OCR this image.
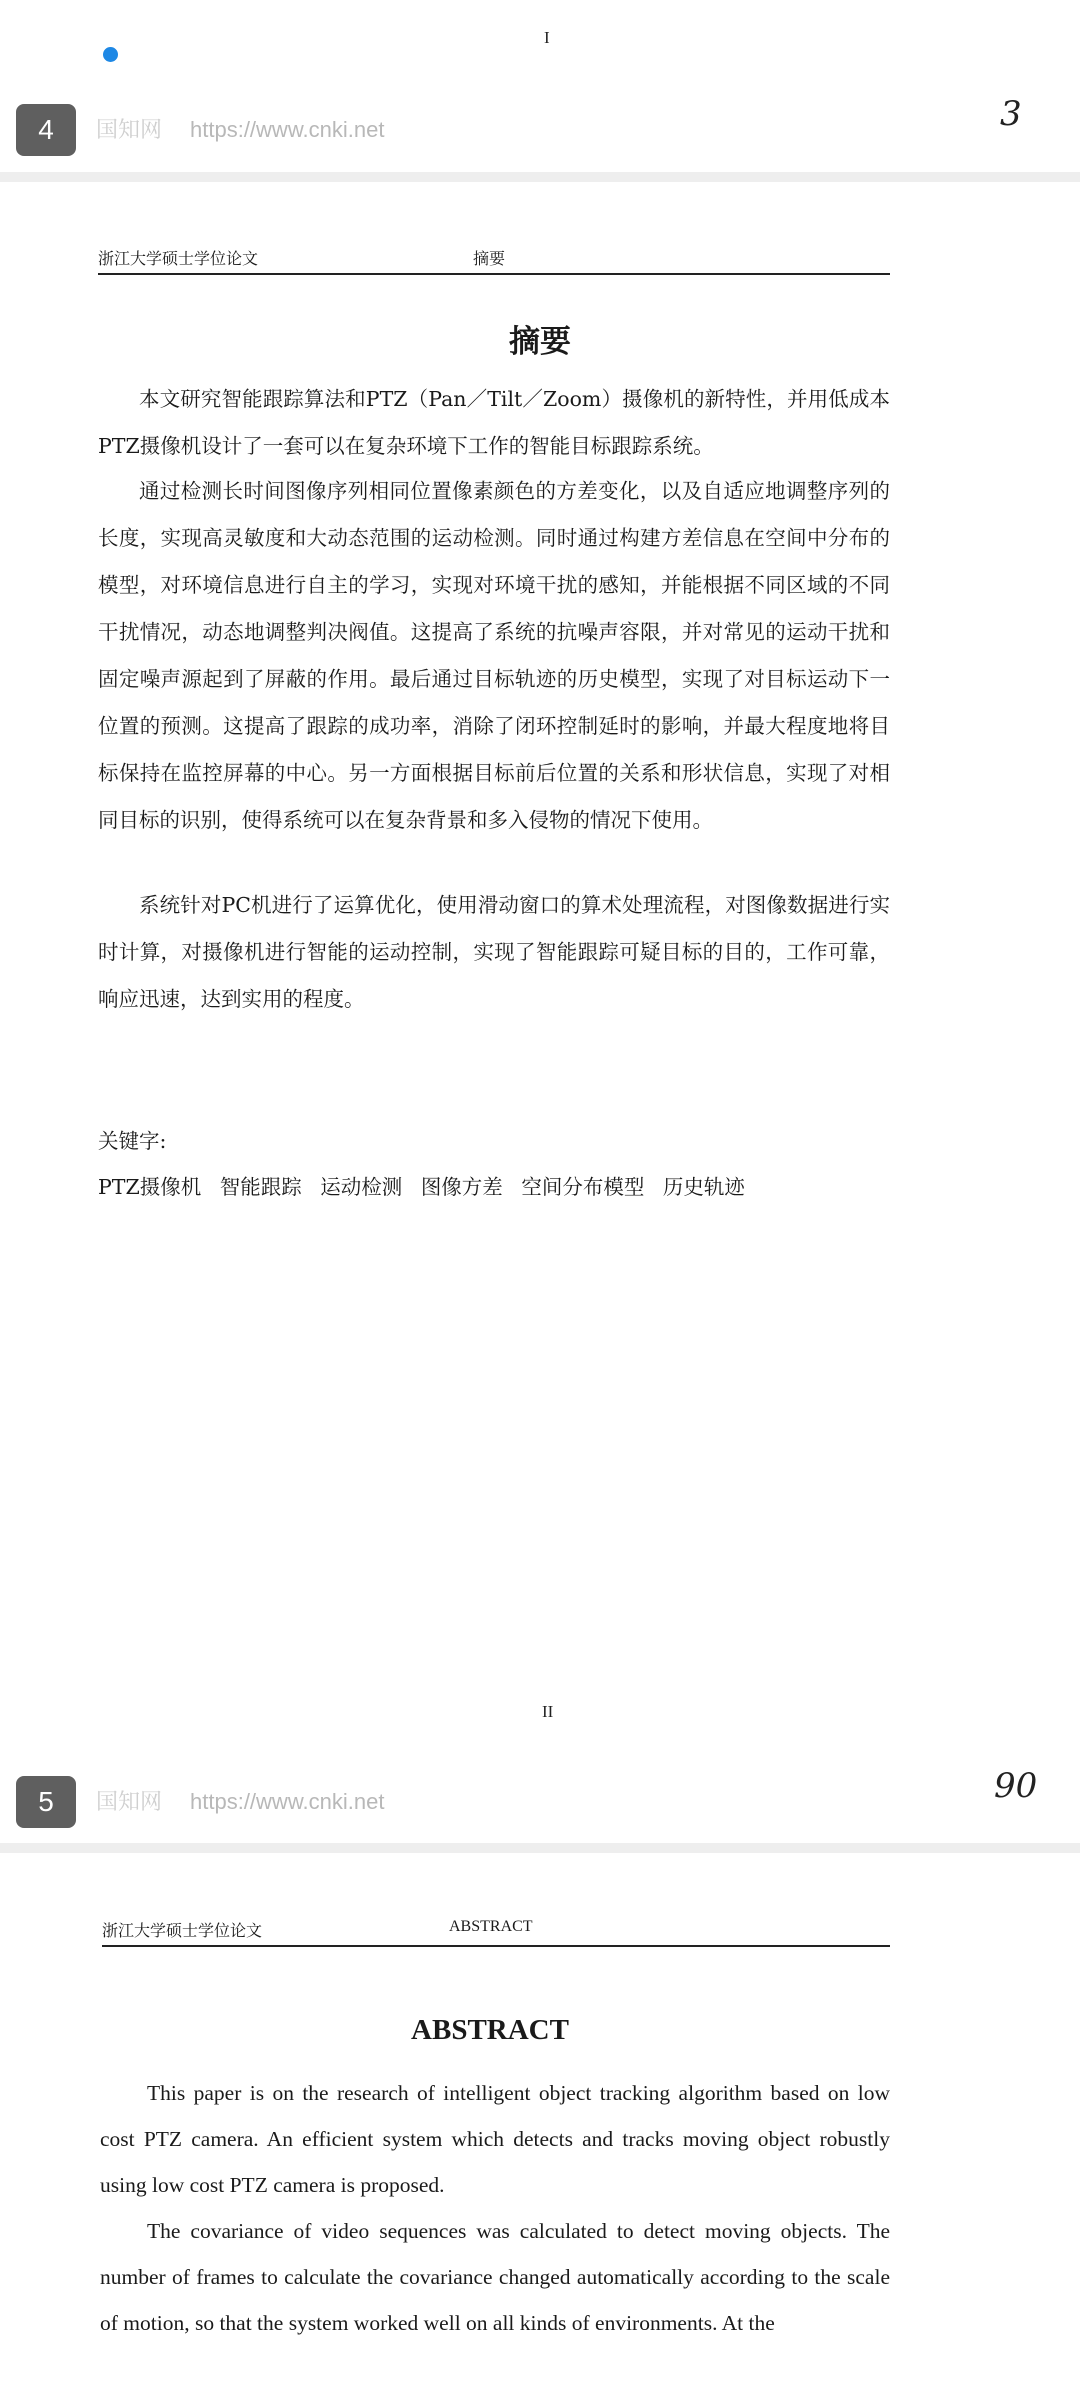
I
4	国知网 https://www.cnki.net	3
浙江大学硕士学位论文	摘要
摘要

本文研究智能跟踪算法和PTZ（Pan／Tilt／Zoom）摄像机的新特性，并用低成本PTZ摄像机设计了一套可以在复杂环境下工作的智能目标跟踪系统。

通过检测长时间图像序列相同位置像素颜色的方差变化，以及自适应地调整序列的长度，实现高灵敏度和大动态范围的运动检测。同时通过构建方差信息在空间中分布的模型，对环境信息进行自主的学习，实现对环境干扰的感知，并能根据不同区域的不同干扰情况，动态地调整判决阀值。这提高了系统的抗噪声容限，并对常见的运动干扰和固定噪声源起到了屏蔽的作用。最后通过目标轨迹的历史模型，实现了对目标运动下一位置的预测。这提高了跟踪的成功率，消除了闭环控制延时的影响，并最大程度地将目标保持在监控屏幕的中心。另一方面根据目标前后位置的关系和形状信息，实现了对相同目标的识别，使得系统可以在复杂背景和多入侵物的情况下使用。

系统针对PC机进行了运算优化，使用滑动窗口的算术处理流程，对图像数据进行实时计算，对摄像机进行智能的运动控制，实现了智能跟踪可疑目标的目的，工作可靠，响应迅速，达到实用的程度。

关键字:
PTZ摄像机 智能跟踪 运动检测 图像方差 空间分布模型 历史轨迹
II
5	国知网 https://www.cnki.net	90
浙江大学硕士学位论文	ABSTRACT
ABSTRACT

This paper is on the research of intelligent object tracking algorithm based on low cost PTZ camera. An efficient system which detects and tracks moving object robustly using low cost PTZ camera is proposed.

The covariance of video sequences was calculated to detect moving objects. The number of frames to calculate the covariance changed automatically according to the scale of motion, so that the system worked well on all kinds of environments. At the
